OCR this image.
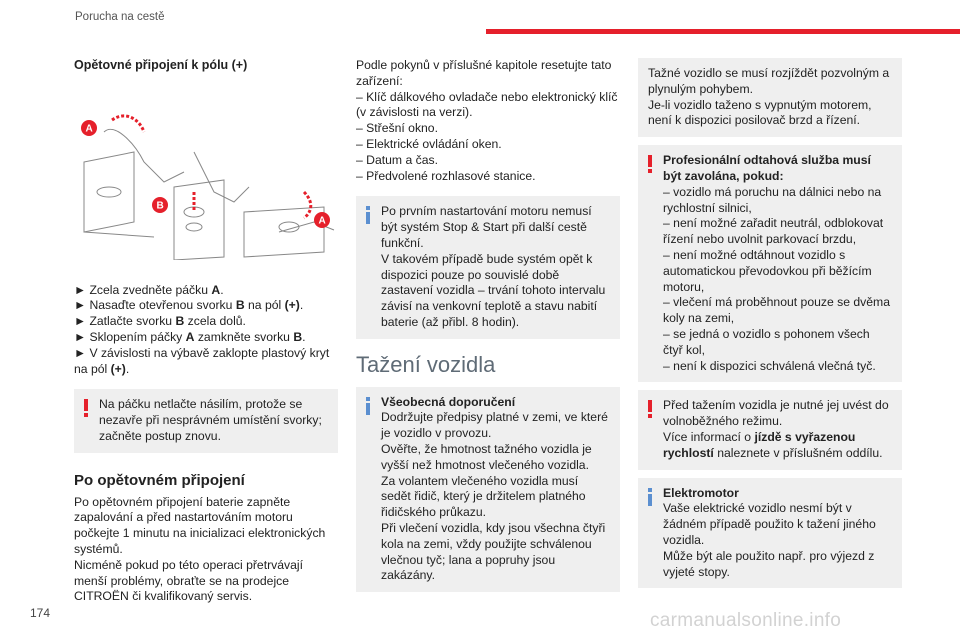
Porucha na cestě
Opětovné připojení k pólu (+)
A
B
A
► Zcela zvedněte páčku A.
► Nasaďte otevřenou svorku B na pól (+).
► Zatlačte svorku B zcela dolů.
► Sklopením páčky A zamkněte svorku B.
► V závislosti na výbavě zaklopte plastový kryt na pól (+).
Na páčku netlačte násilím, protože se nezavře při nesprávném umístění svorky; začněte postup znovu.
Po opětovném připojení
Po opětovném připojení baterie zapněte zapalování a před nastartováním motoru počkejte 1 minutu na inicializaci elektronických systémů.
Nicméně pokud po této operaci přetrvávají menší problémy, obraťte se na prodejce CITROËN či kvalifikovaný servis.
Podle pokynů v příslušné kapitole resetujte tato zařízení:
– Klíč dálkového ovladače nebo elektronický klíč (v závislosti na verzi).
– Střešní okno.
– Elektrické ovládání oken.
– Datum a čas.
– Předvolené rozhlasové stanice.
Po prvním nastartování motoru nemusí být systém Stop & Start při další cestě funkční.
V takovém případě bude systém opět k dispozici pouze po souvislé době zastavení vozidla – trvání tohoto intervalu závisí na venkovní teplotě a stavu nabití baterie (až přibl. 8 hodin).
Tažení vozidla
Všeobecná doporučení
Dodržujte předpisy platné v zemi, ve které je vozidlo v provozu.
Ověřte, že hmotnost tažného vozidla je vyšší než hmotnost vlečeného vozidla.
Za volantem vlečeného vozidla musí sedět řidič, který je držitelem platného řidičského průkazu.
Při vlečení vozidla, kdy jsou všechna čtyři kola na zemi, vždy použijte schválenou vlečnou tyč; lana a popruhy jsou zakázány.
Tažné vozidlo se musí rozjíždět pozvolným a plynulým pohybem.
Je-li vozidlo taženo s vypnutým motorem, není k dispozici posilovač brzd a řízení.
Profesionální odtahová služba musí být zavolána, pokud:
– vozidlo má poruchu na dálnici nebo na rychlostní silnici,
– není možné zařadit neutrál, odblokovat řízení nebo uvolnit parkovací brzdu,
– není možné odtáhnout vozidlo s automatickou převodovkou při běžícím motoru,
– vlečení má proběhnout pouze se dvěma koly na zemi,
– se jedná o vozidlo s pohonem všech čtyř kol,
– není k dispozici schválená vlečná tyč.
Před tažením vozidla je nutné jej uvést do volnoběžného režimu.
Více informací o jízdě s vyřazenou rychlostí naleznete v příslušném oddílu.
Elektromotor
Vaše elektrické vozidlo nesmí být v žádném případě použito k tažení jiného vozidla.
Může být ale použito např. pro výjezd z vyjeté stopy.
174	carmanualsonline.info
